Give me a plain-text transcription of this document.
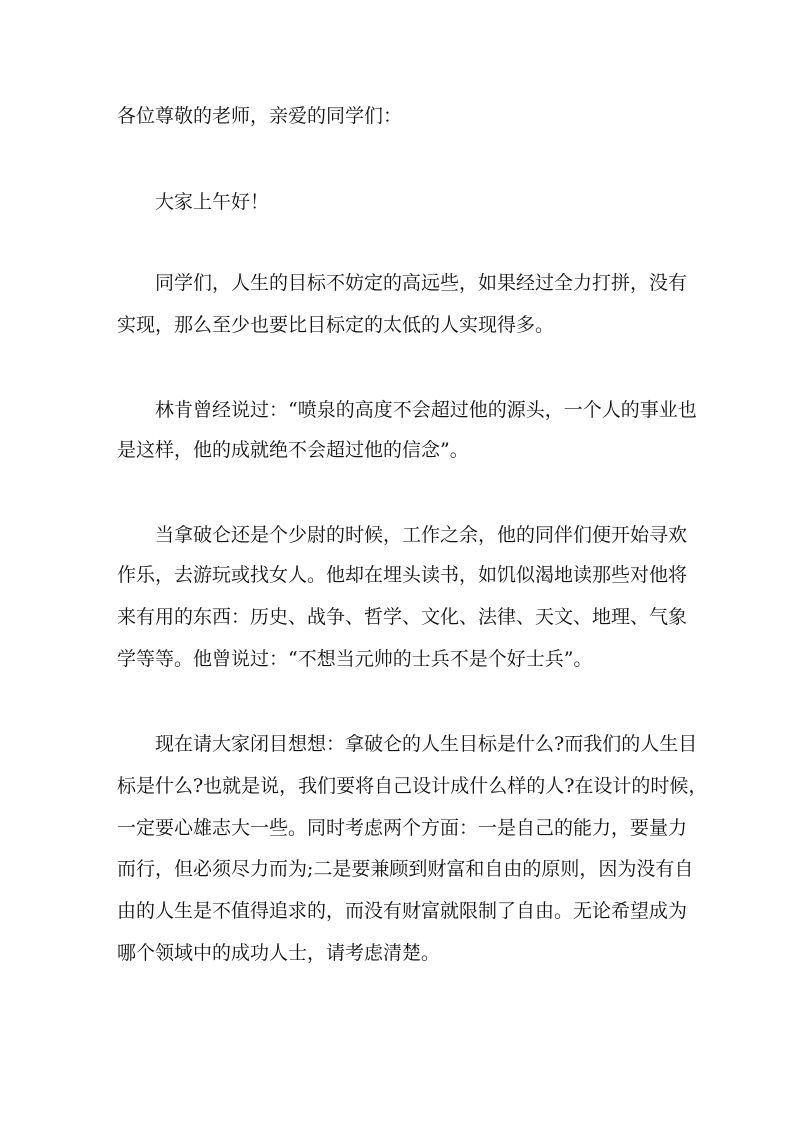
各位尊敬的老师，亲爱的同学们：

大家上午好！

同学们，人生的目标不妨定的高远些，如果经过全力打拼，没有

实现，那么至少也要比目标定的太低的人实现得多。

林肯曾经说过：“喷泉的高度不会超过他的源头，一个人的事业也

是这样，他的成就绝不会超过他的信念”。

当拿破仑还是个少尉的时候，工作之余，他的同伴们便开始寻欢

作乐，去游玩或找女人。他却在埋头读书，如饥似渴地读那些对他将

来有用的东西：历史、战争、哲学、文化、法律、天文、地理、气象

学等等。他曾说过：“不想当元帅的士兵不是个好士兵”。

现在请大家闭目想想：拿破仑的人生目标是什么?而我们的人生目

标是什么?也就是说，我们要将自己设计成什么样的人?在设计的时候，

一定要心雄志大一些。同时考虑两个方面：一是自己的能力，要量力

而行，但必须尽力而为;二是要兼顾到财富和自由的原则，因为没有自

由的人生是不值得追求的，而没有财富就限制了自由。无论希望成为

哪个领域中的成功人士，请考虑清楚。
